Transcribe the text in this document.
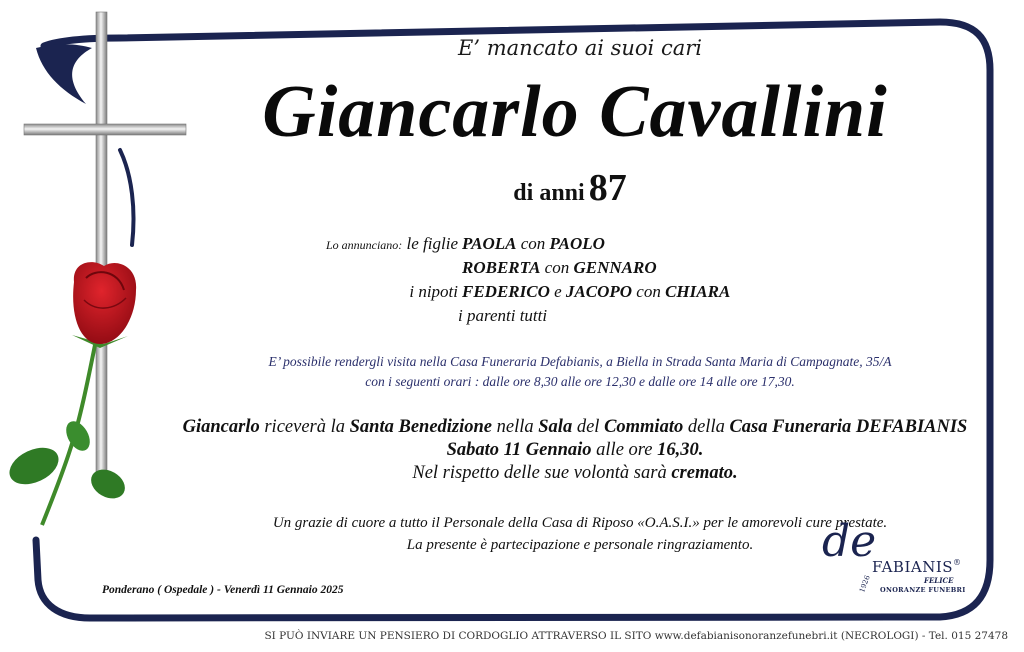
E’ mancato ai suoi cari
Giancarlo Cavallini
di anni 87
Lo annunciano: le figlie PAOLA con PAOLO
ROBERTA con GENNARO
i nipoti FEDERICO e JACOPO con CHIARA
i parenti tutti
E’ possibile rendergli visita nella Casa Funeraria Defabianis, a Biella in Strada Santa Maria di Campagnate, 35/A
con i seguenti orari : dalle ore 8,30 alle ore 12,30 e dalle ore 14 alle ore 17,30.
Giancarlo riceverà la Santa Benedizione nella Sala del Commiato della Casa Funeraria DEFABIANIS
Sabato 11 Gennaio alle ore 16,30.
Nel rispetto delle sue volontà sarà cremato.
Un grazie di cuore a tutto il Personale della Casa di Riposo «O.A.S.I.» per le amorevoli cure prestate.
La presente è partecipazione e personale ringraziamento.
Ponderano ( Ospedale ) - Venerdì 11 Gennaio 2025
de
FABIANIS®
FELICE
ONORANZE FUNEBRI
1926
SI PUÒ INVIARE UN PENSIERO DI CORDOGLIO ATTRAVERSO IL SITO www.defabianisonoranzefunebri.it (NECROLOGI) - Tel. 015 27478
